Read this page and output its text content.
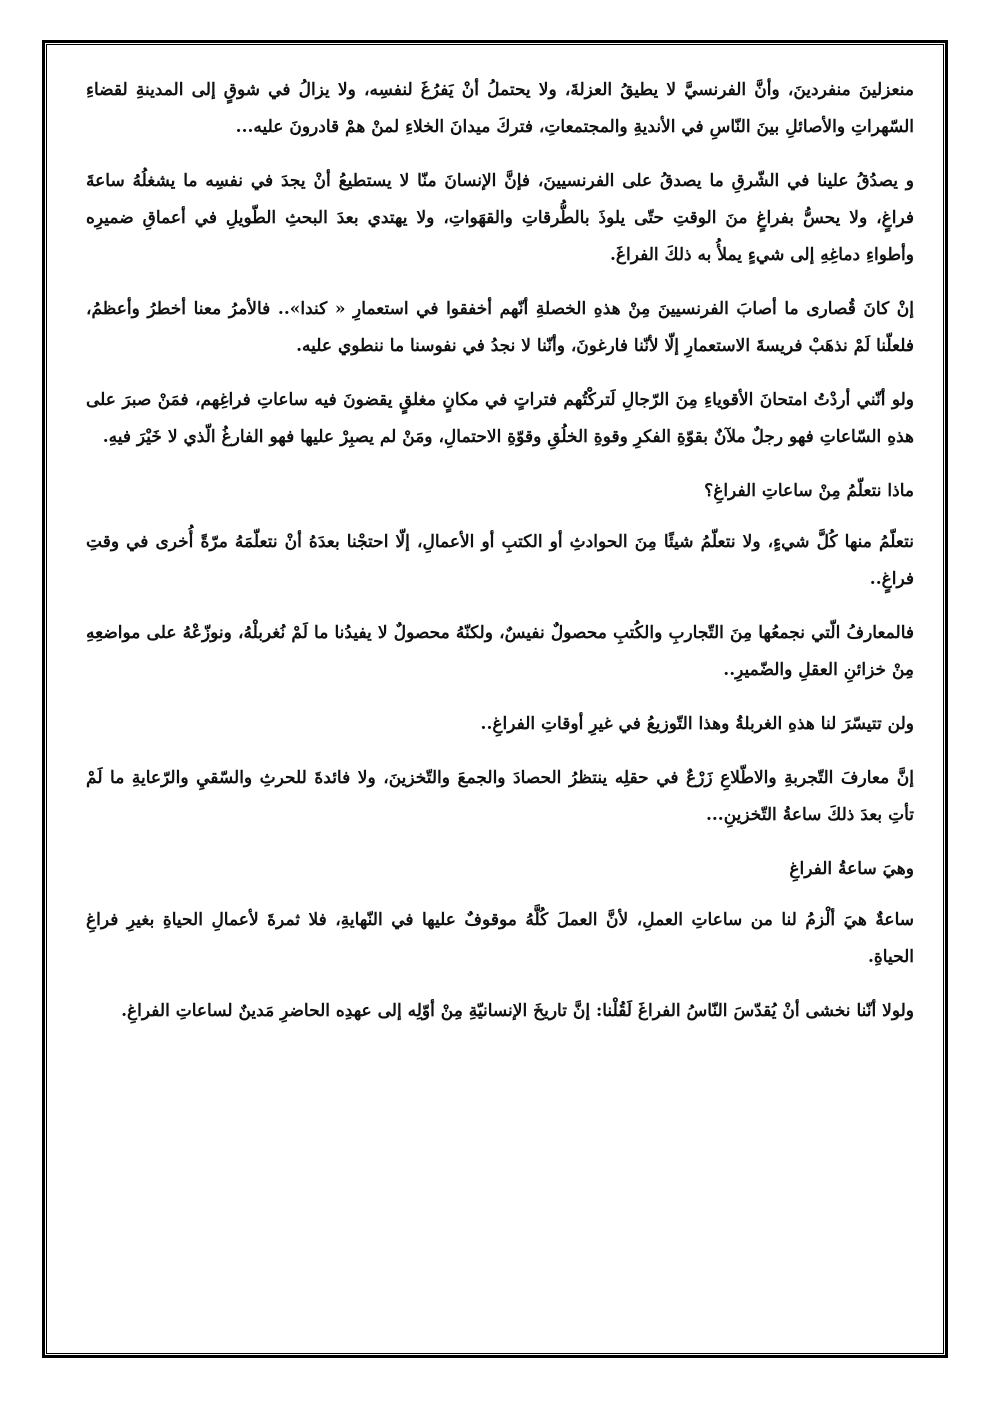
منعزلينَ منفردينَ، وأنَّ الفرنسيَّ لا يطيقُ العزلةَ، ولا يحتملُ أنْ يَفرُغَ لنفسِه، ولا يزالُ في شوقٍ إلى المدينةِ لقضاءِ السّهراتِ والأصائلِ بينَ النّاسِ في الأنديةِ والمجتمعاتِ، فتركَ ميدانَ الخلاءِ لمنْ همْ قادرونَ عليه...

و يصدُقُ علينا في الشّرقِ ما يصدقُ على الفرنسيينَ، فإنَّ الإنسانَ منّا لا يستطيعُ أنْ يجدَ في نفسِه ما يشغلُهُ ساعةَ فراغٍ، ولا يحسُّ بفراغٍ منَ الوقتِ حتّى يلوذَ بالطُّرقاتِ والقهَواتِ، ولا يهتدي بعدَ البحثِ الطّويلِ في أعماقِ ضميرِه وأطواءِ دماغِهِ إلى شيءٍ يملأُ به ذلكَ الفراغَ.

إنْ كانَ قُصارى ما أصابَ الفرنسيينَ مِنْ هذهِ الخصلةِ أنّهم أخفقوا في استعمارِ « كندا».. فالأمرُ معنا أخطرُ وأعظمُ، فلعلّنا لَمْ نذهَبْ فريسةَ الاستعمارِ إلّا لأنّنا فارغونَ، وأنّنا لا نجدُ في نفوسنا ما ننطوي عليه.

ولو أنّني أردْتُ امتحانَ الأقوياءِ مِنَ الرّجالِ لَتركْتُهم فتراتٍ في مكانٍ مغلقٍ يقضونَ فيه ساعاتِ فراغِهم، فمَنْ صبرَ على هذهِ السّاعاتِ فهو رجلٌ ملآنٌ بقوّةِ الفكرِ وقوةِ الخلُقِ وقوّةِ الاحتمالِ، ومَنْ لم يصبِرْ عليها فهو الفارغُ الّذي لا خَيْرَ فيهِ.

ماذا نتعلّمُ مِنْ ساعاتِ الفراغِ؟

نتعلّمُ منها كُلَّ شيءٍ، ولا نتعلّمُ شيئًا مِنَ الحوادثِ أو الكتبِ أو الأعمالِ، إلّا احتجْنا بعدَهُ أنْ نتعلّمَهُ مرّةً أُخرى في وقتِ فراغٍ..

فالمعارفُ الّتي نجمعُها مِنَ التّجاربِ والكُتبِ محصولٌ نفيسٌ، ولكنّهُ محصولٌ لا يفيدُنا ما لَمْ نُغربلْهُ، ونوزّعْهُ على مواضعِهِ مِنْ خزائنِ العقلِ والضّميرِ..

ولن تتيسّرَ لنا هذهِ الغربلةُ وهذا التّوزيعُ في غيرِ أوقاتِ الفراغِ..

إنَّ معارفَ التّجربةِ والاطّلاعِ زَرْعٌ في حقلِه ينتظرُ الحصادَ والجمعَ والتّخزينَ، ولا فائدةَ للحرثِ والسّقيِ والرّعايةِ ما لَمْ تأتِ بعدَ ذلكَ ساعةُ التّخزينِ...

وهيَ ساعةُ الفراغِ

ساعةٌ هيَ ألْزمُ لنا من ساعاتِ العملِ، لأنَّ العملَ كُلَّهُ موقوفٌ عليها في النّهايةِ، فلا ثمرةَ لأعمالِ الحياةِ بغيرِ فراغِ الحياةِ.

ولولا أنّنا نخشى أنْ يُقدّسَ النّاسُ الفراغَ لَقُلْنا: إنَّ تاريخَ الإنسانيّةِ مِنْ أوّلِه إلى عهدِه الحاضرِ مَدينٌ لساعاتِ الفراغِ.
